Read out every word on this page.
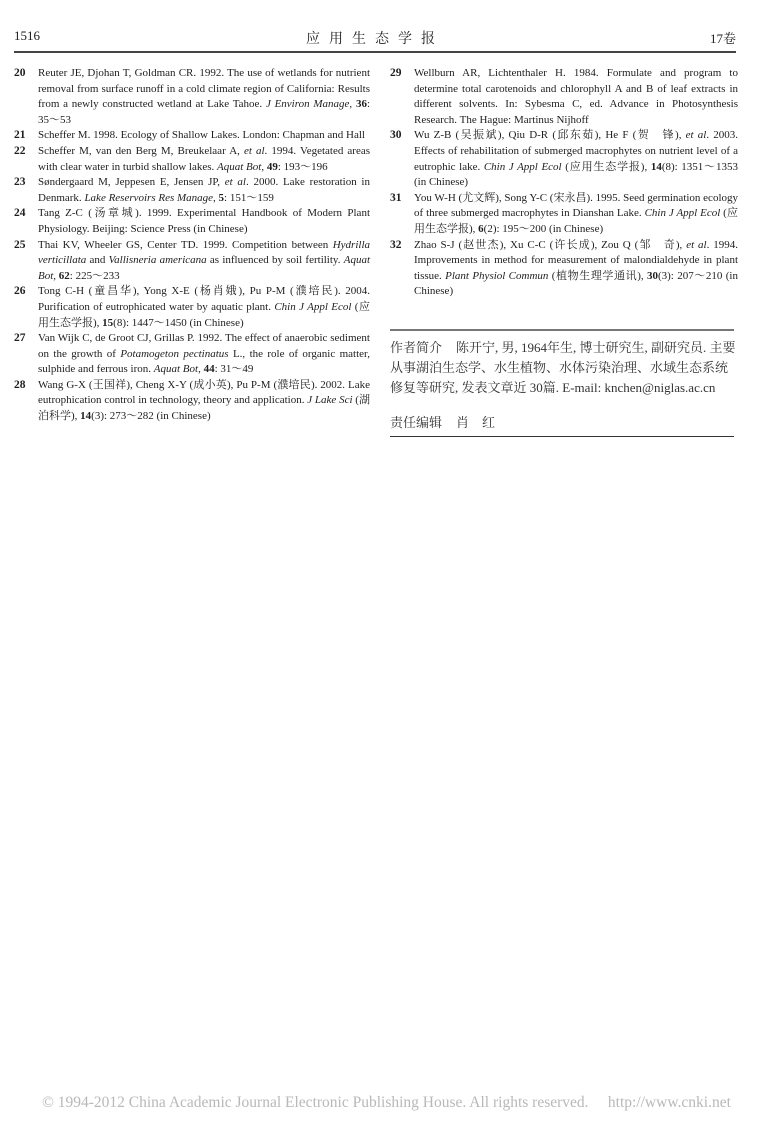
1516	应用生态学报	17卷
20 Reuter JE, Djohan T, Goldman CR. 1992. The use of wetlands for nutrient removal from surface runoff in a cold climate region of California: Results from a newly constructed wetland at Lake Tahoe. J Environ Manage, 36: 35～53
21 Scheffer M. 1998. Ecology of Shallow Lakes. London: Chapman and Hall
22 Scheffer M, van den Berg M, Breukelaar A, et al. 1994. Vegetated areas with clear water in turbid shallow lakes. Aquat Bot, 49: 193～196
23 Søndergaard M, Jeppesen E, Jensen JP, et al. 2000. Lake restoration in Denmark. Lake Reservoirs Res Manage, 5: 151～159
24 Tang Z-C (汤章城). 1999. Experimental Handbook of Modern Plant Physiology. Beijing: Science Press (in Chinese)
25 Thai KV, Wheeler GS, Center TD. 1999. Competition between Hydrilla verticillata and Vallisneria americana as influenced by soil fertility. Aquat Bot, 62: 225～233
26 Tong C-H (童昌华), Yong X-E (杨肖娥), Pu P-M (濮培民). 2004. Purification of eutrophicated water by aquatic plant. Chin J Appl Ecol (应用生态学报), 15(8): 1447～1450 (in Chinese)
27 Van Wijk C, de Groot CJ, Grillas P. 1992. The effect of anaerobic sediment on the growth of Potamogeton pectinatus L., the role of organic matter, sulphide and ferrous iron. Aquat Bot, 44: 31～49
28 Wang G-X (王国祥), Cheng X-Y (成小英), Pu P-M (濮培民). 2002. Lake eutrophication control in technology, theory and application. J Lake Sci (湖泊科学), 14(3): 273～282 (in Chinese)
29 Wellburn AR, Lichtenthaler H. 1984. Formulate and program to determine total carotenoids and chlorophyll A and B of leaf extracts in different solvents. In: Sybesma C, ed. Advance in Photosynthesis Research. The Hague: Martinus Nijhoff
30 Wu Z-B (吴振斌), Qiu D-R (邱东茹), He F (贺　锋), et al. 2003. Effects of rehabilitation of submerged macrophytes on nutrient level of a eutrophic lake. Chin J Appl Ecol (应用生态学报), 14(8): 1351～1353 (in Chinese)
31 You W-H (尤文辉), Song Y-C (宋永昌). 1995. Seed germination ecology of three submerged macrophytes in Dianshan Lake. Chin J Appl Ecol (应用生态学报), 6(2): 195～200 (in Chinese)
32 Zhao S-J (赵世杰), Xu C-C (许长成), Zou Q (邹　奇), et al. 1994. Improvements in method for measurement of malondialdehyde in plant tissue. Plant Physiol Commun (植物生理学通讯), 30(3): 207～210 (in Chinese)
作者简介 陈开宁, 男, 1964年生, 博士研究生, 副研究员. 主要从事湖泊生态学、水生植物、水体污染治理、水域生态系统修复等研究, 发表文章近 30篇. E-mail: knchen@niglas.ac.cn
责任编辑 肖　红
© 1994-2012 China Academic Journal Electronic Publishing House. All rights reserved.　 http://www.cnki.net
